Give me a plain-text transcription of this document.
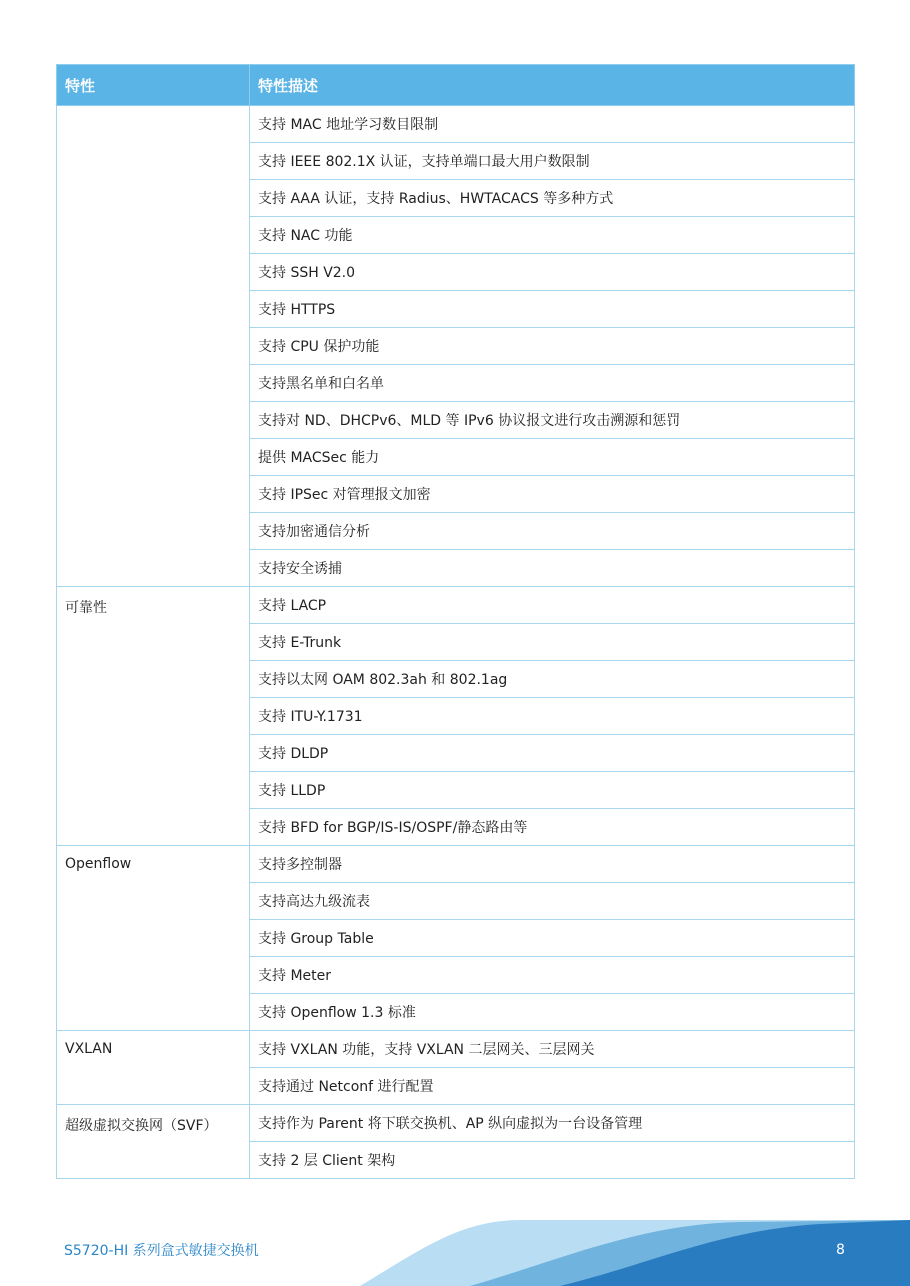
特性	特性描述
	支持 MAC 地址学习数目限制
	支持 IEEE 802.1X 认证，支持单端口最大用户数限制
	支持 AAA 认证，支持 Radius、HWTACACS 等多种方式
	支持 NAC 功能
	支持 SSH V2.0
	支持 HTTPS
	支持 CPU 保护功能
	支持黑名单和白名单
	支持对 ND、DHCPv6、MLD 等 IPv6 协议报文进行攻击溯源和惩罚
	提供 MACSec 能力
	支持 IPSec 对管理报文加密
	支持加密通信分析
	支持安全诱捕
可靠性	支持 LACP
	支持 E-Trunk
	支持以太网 OAM 802.3ah 和 802.1ag
	支持 ITU-Y.1731
	支持 DLDP
	支持 LLDP
	支持 BFD for BGP/IS-IS/OSPF/静态路由等
Openflow	支持多控制器
	支持高达九级流表
	支持 Group Table
	支持 Meter
	支持 Openflow 1.3 标准
VXLAN	支持 VXLAN 功能，支持 VXLAN 二层网关、三层网关
	支持通过 Netconf 进行配置
超级虚拟交换网（SVF）	支持作为 Parent 将下联交换机、AP 纵向虚拟为一台设备管理
	支持 2 层 Client 架构
S5720-HI 系列盒式敏捷交换机	8
